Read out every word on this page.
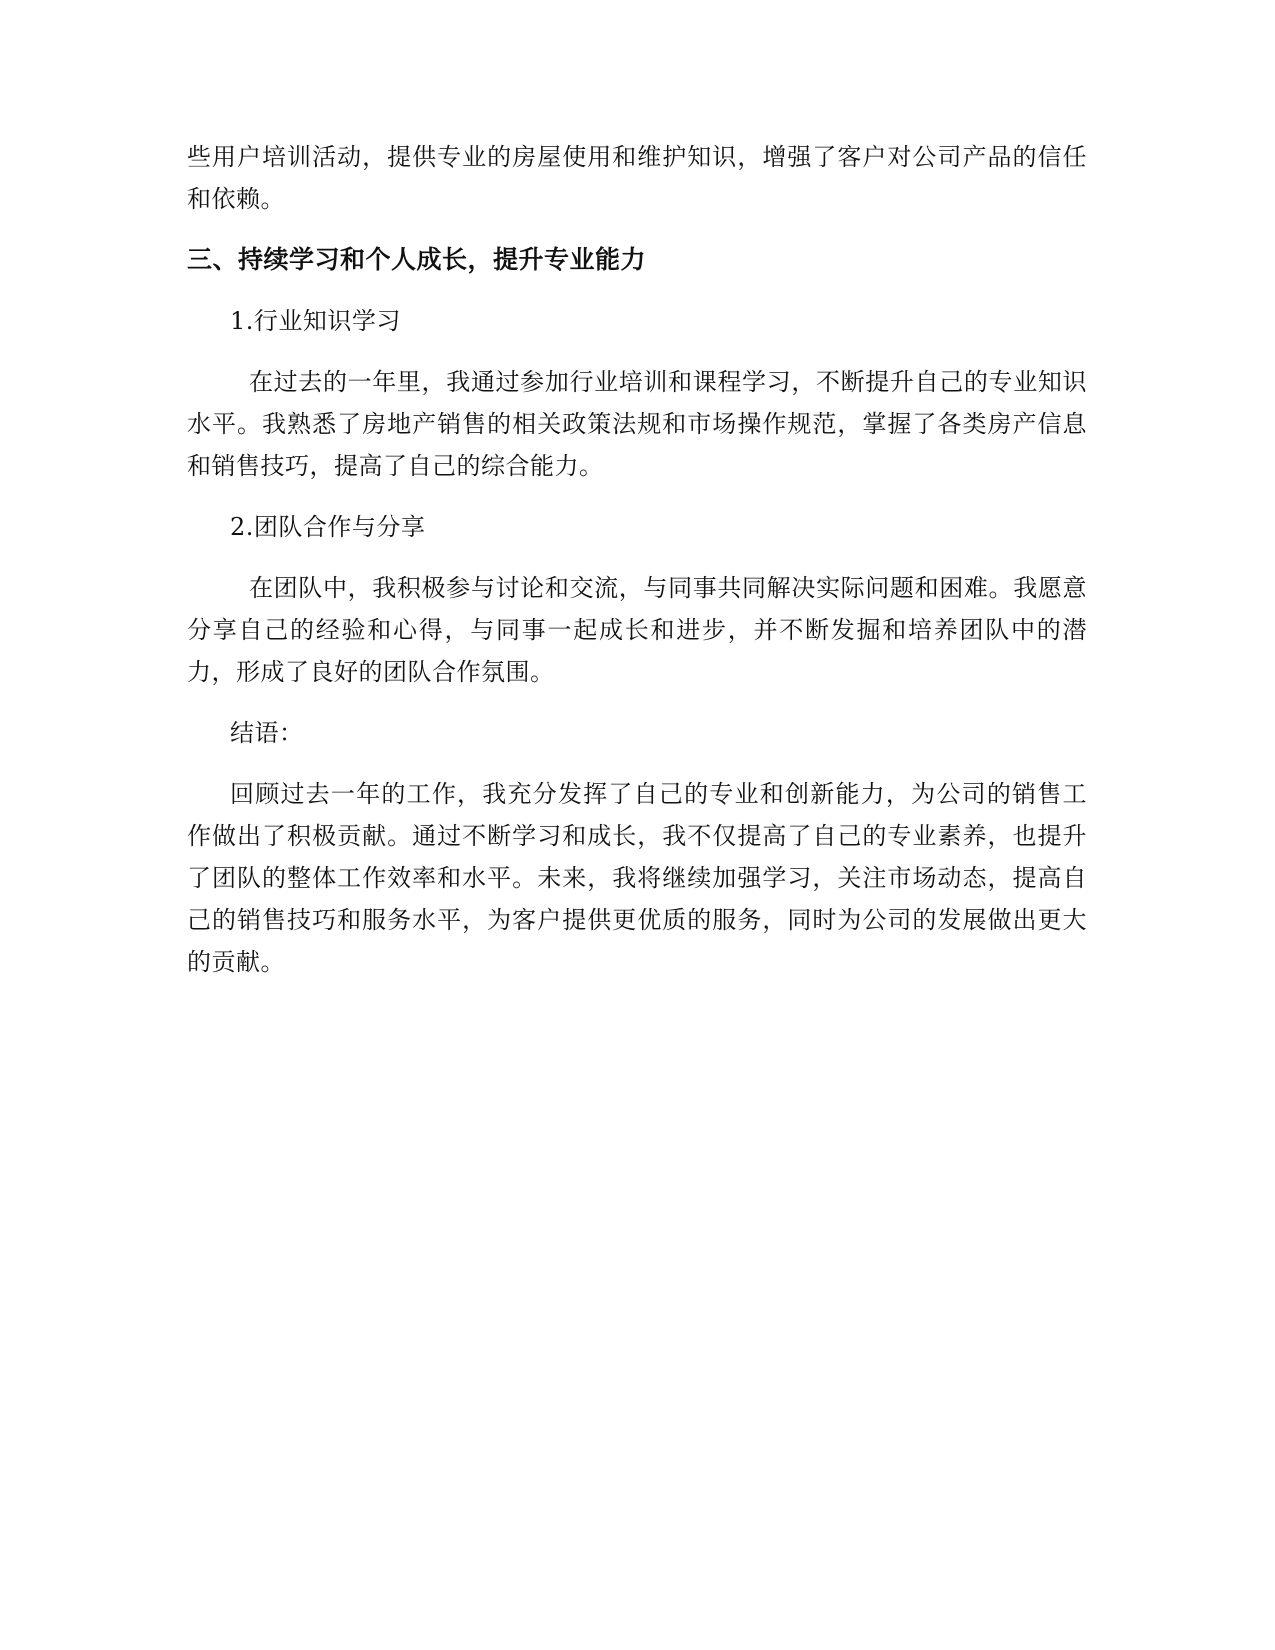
些用户培训活动，提供专业的房屋使用和维护知识，增强了客户对公司产品的信任和依赖。

三、持续学习和个人成长，提升专业能力

1.行业知识学习

在过去的一年里，我通过参加行业培训和课程学习，不断提升自己的专业知识水平。我熟悉了房地产销售的相关政策法规和市场操作规范，掌握了各类房产信息和销售技巧，提高了自己的综合能力。

2.团队合作与分享

在团队中，我积极参与讨论和交流，与同事共同解决实际问题和困难。我愿意分享自己的经验和心得，与同事一起成长和进步，并不断发掘和培养团队中的潜力，形成了良好的团队合作氛围。

结语：

回顾过去一年的工作，我充分发挥了自己的专业和创新能力，为公司的销售工作做出了积极贡献。通过不断学习和成长，我不仅提高了自己的专业素养，也提升了团队的整体工作效率和水平。未来，我将继续加强学习，关注市场动态，提高自己的销售技巧和服务水平，为客户提供更优质的服务，同时为公司的发展做出更大的贡献。
